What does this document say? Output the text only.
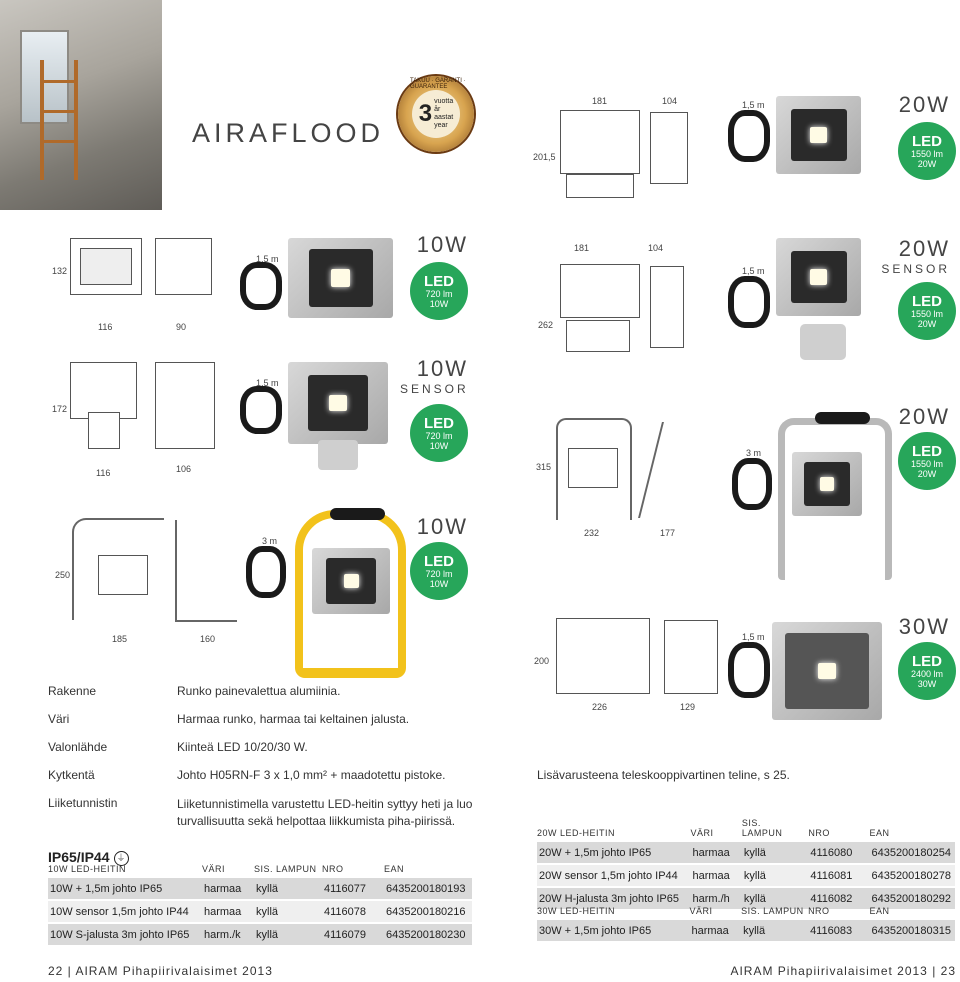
AIRAFLOOD
3 vuotta
år
aastat
year
TAKUU · GARANTI · GUARANTEE
132
116	90
1,5 m
10W
LED
720 lm
10W
172
116	106
1,5 m
10W
SENSOR
LED
720 lm
10W
250
185	160
3 m
10W
LED
720 lm
10W
181	104
201,5
1,5 m	20W
LED
1550 lm
20W
181	104
262
1,5 m
20W
SENSOR
LED
1550 lm
20W
315
232	177
3 m
20W
LED
1550 lm
20W
200
226	129
1,5 m	30W
LED
2400 lm
30W
Rakenne	Runko painevalettua alumiinia.
Väri	Harmaa runko, harmaa tai keltainen jalusta.
Valonlähde	Kiinteä LED 10/20/30 W.
Kytkentä	Johto H05RN-F 3 x 1,0 mm² + maadotettu pistoke.
Liiketunnistin	Liiketunnistimella varustettu LED-heitin syttyy heti ja luo turvallisuutta sekä helpottaa liikkumista piha-piirissä.
IP65/IP44 ⏚
Lisävarusteena teleskooppivartinen teline, s 25.
10W LED-HEITIN	VÄRI	SIS. LAMPUN	NRO	EAN
10W + 1,5m johto IP65	harmaa	kyllä	4116077	6435200180193
10W sensor 1,5m johto IP44	harmaa	kyllä	4116078	6435200180216
10W S-jalusta 3m johto IP65	harm./k	kyllä	4116079	6435200180230
20W LED-HEITIN	VÄRI	SIS. LAMPUN	NRO	EAN
20W + 1,5m johto IP65	harmaa	kyllä	4116080	6435200180254
20W sensor 1,5m johto IP44	harmaa	kyllä	4116081	6435200180278
20W H-jalusta 3m johto IP65	harm./h	kyllä	4116082	6435200180292
30W LED-HEITIN	VÄRI	SIS. LAMPUN	NRO	EAN
30W + 1,5m johto IP65	harmaa	kyllä	4116083	6435200180315
22 | AIRAM Pihapiirivalaisimet 2013	AIRAM Pihapiirivalaisimet 2013 | 23
